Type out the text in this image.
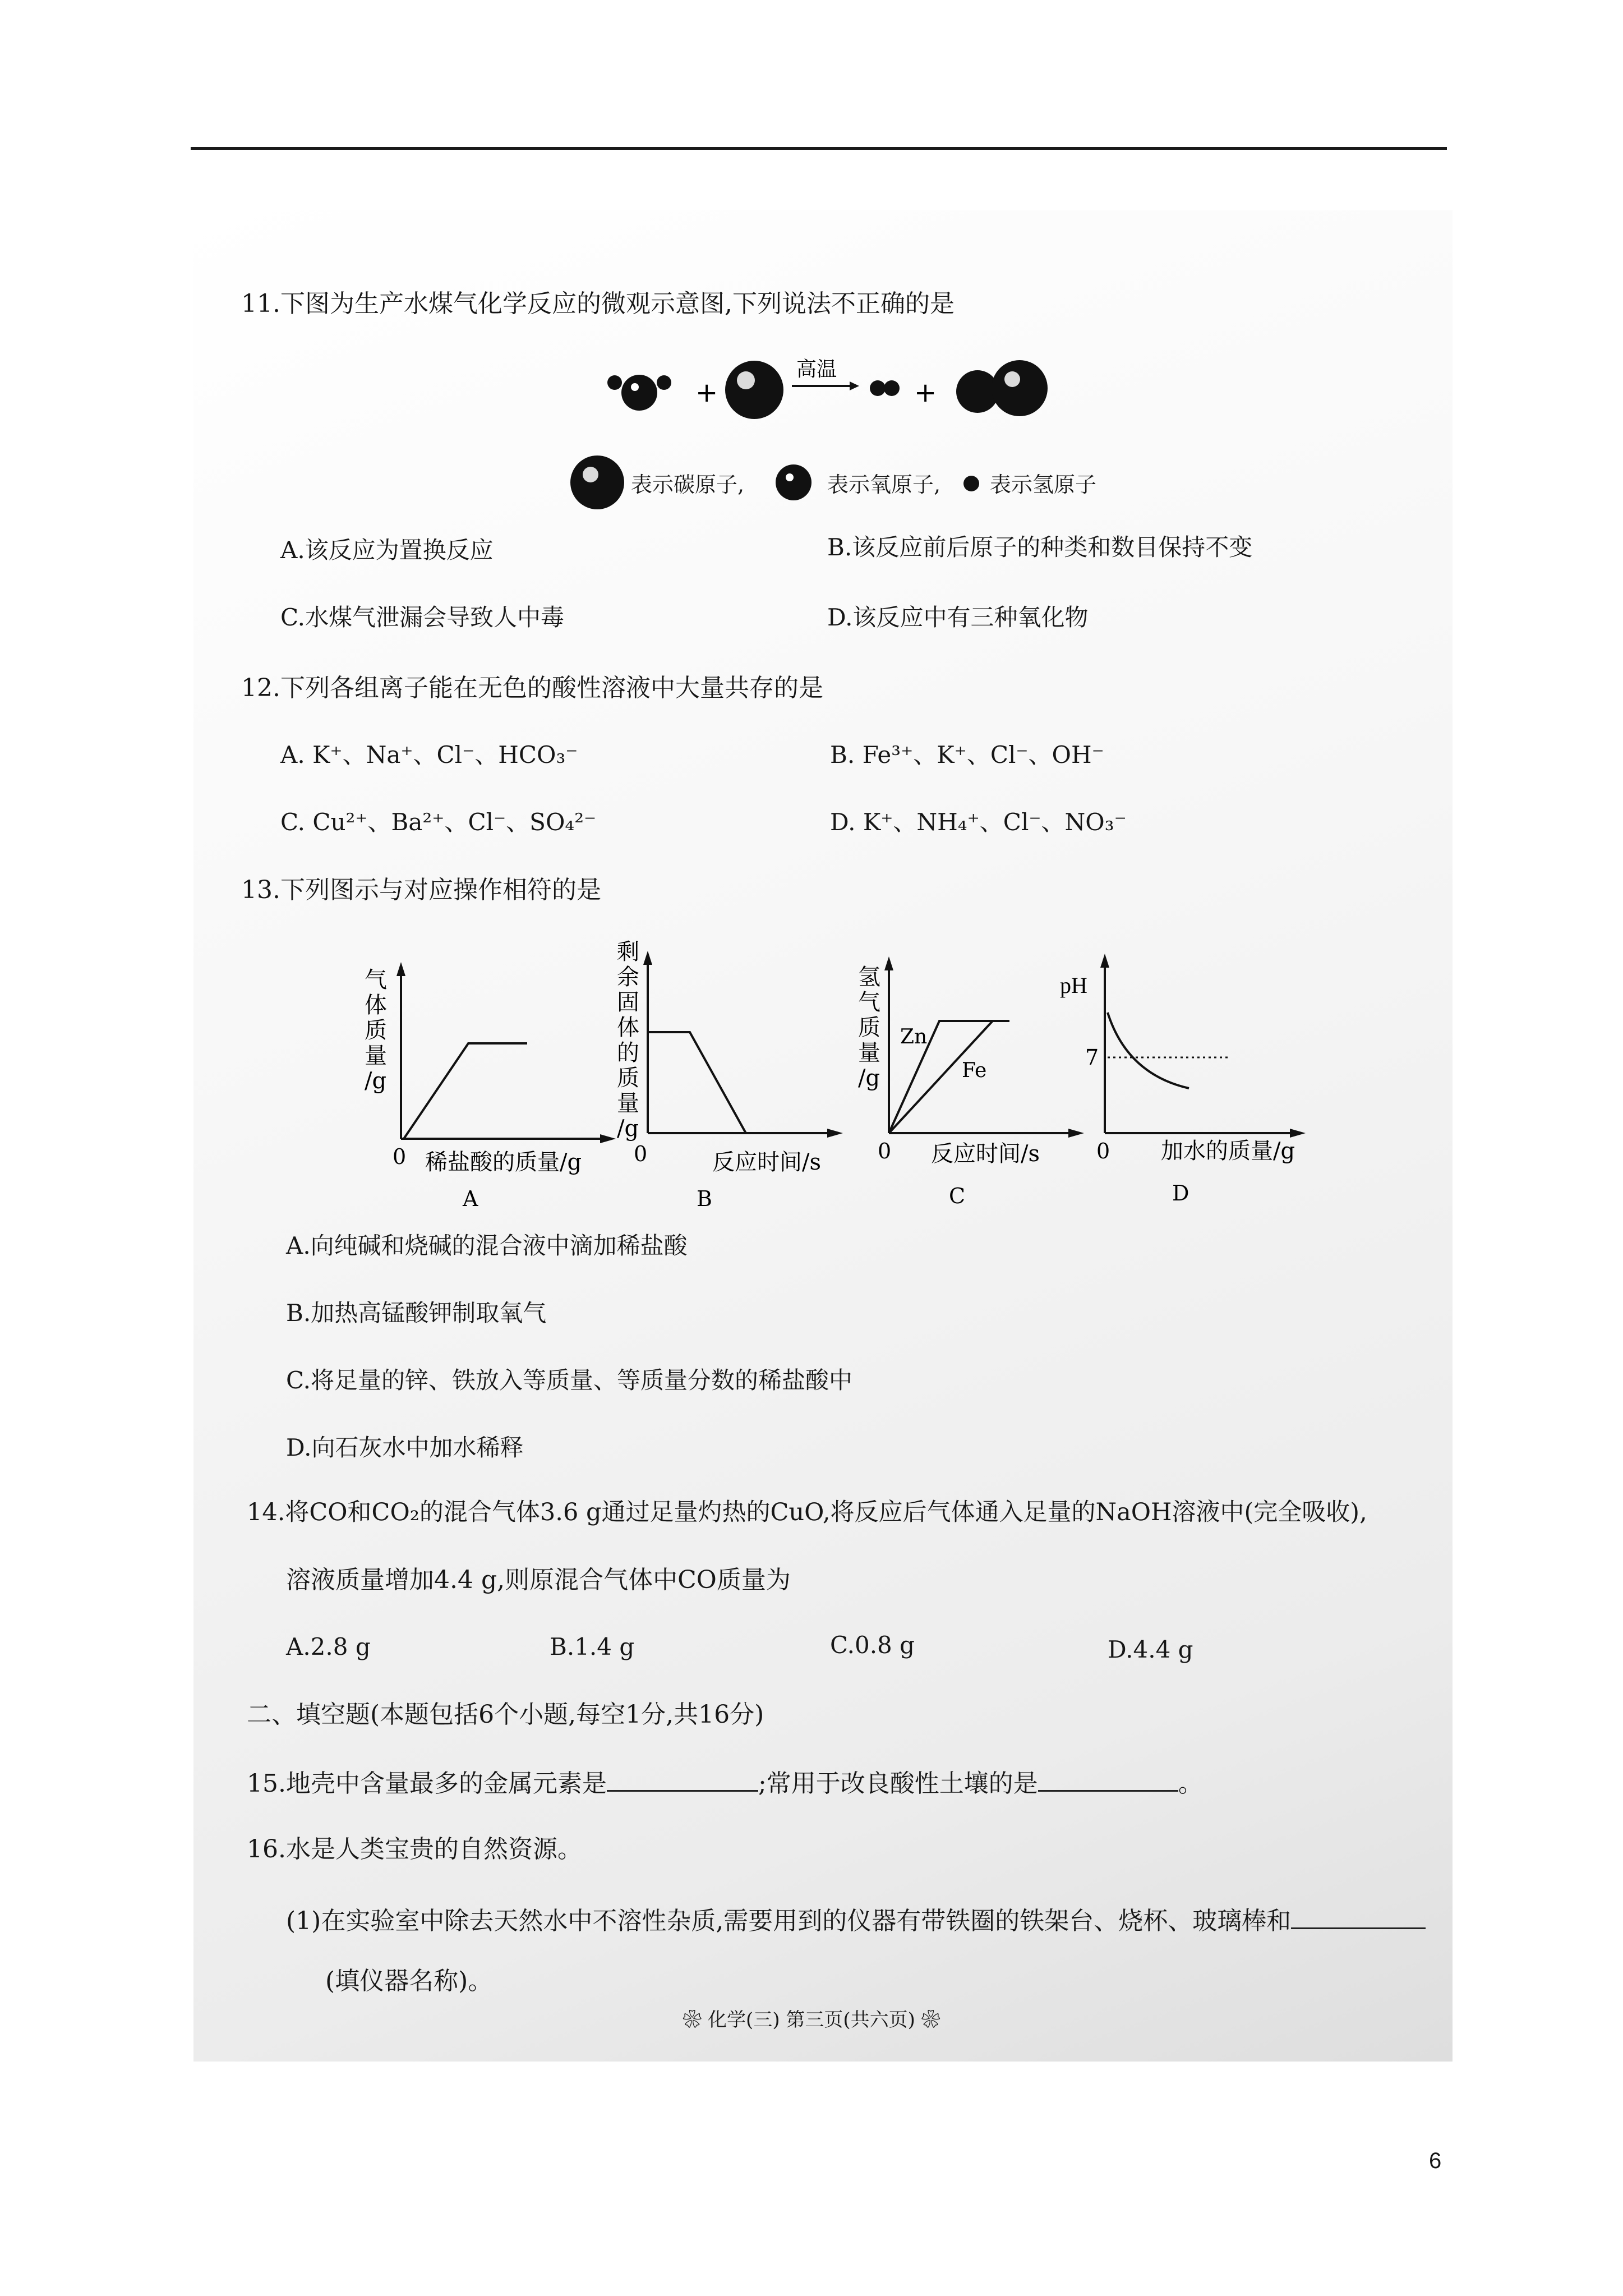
11.下图为生产水煤气化学反应的微观示意图,下列说法不正确的是
+
高温
+
表示碳原子,	表示氧原子, 表示氢原子
A.该反应为置换反应	B.该反应前后原子的种类和数目保持不变
C.水煤气泄漏会导致人中毒	D.该反应中有三种氧化物
12.下列各组离子能在无色的酸性溶液中大量共存的是
A. K⁺、Na⁺、Cl⁻、HCO₃⁻	B. Fe³⁺、K⁺、Cl⁻、OH⁻
C. Cu²⁺、Ba²⁺、Cl⁻、SO₄²⁻	D. K⁺、NH₄⁺、Cl⁻、NO₃⁻
13.下列图示与对应操作相符的是
气
体
质
量
/g
0 稀盐酸的质量/g
A
剩
余
固
体
的
质
量
/g
0	反应时间/s
B
氢
气
质
量
/g
Zn
Fe
0 反应时间/s
C
pH
7
0 加水的质量/g
D
A.向纯碱和烧碱的混合液中滴加稀盐酸
B.加热高锰酸钾制取氧气
C.将足量的锌、铁放入等质量、等质量分数的稀盐酸中
D.向石灰水中加水稀释
14.将CO和CO₂的混合气体3.6 g通过足量灼热的CuO,将反应后气体通入足量的NaOH溶液中(完全吸收),
溶液质量增加4.4 g,则原混合气体中CO质量为
A.2.8 g	B.1.4 g	C.0.8 g	D.4.4 g
二、填空题(本题包括6个小题,每空1分,共16分)
15.地壳中含量最多的金属元素是	;常用于改良酸性土壤的是	。
16.水是人类宝贵的自然资源。
(1)在实验室中除去天然水中不溶性杂质,需要用到的仪器有带铁圈的铁架台、烧杯、玻璃棒和
(填仪器名称)。
❀ 化学(三) 第三页(共六页) ❀
6
